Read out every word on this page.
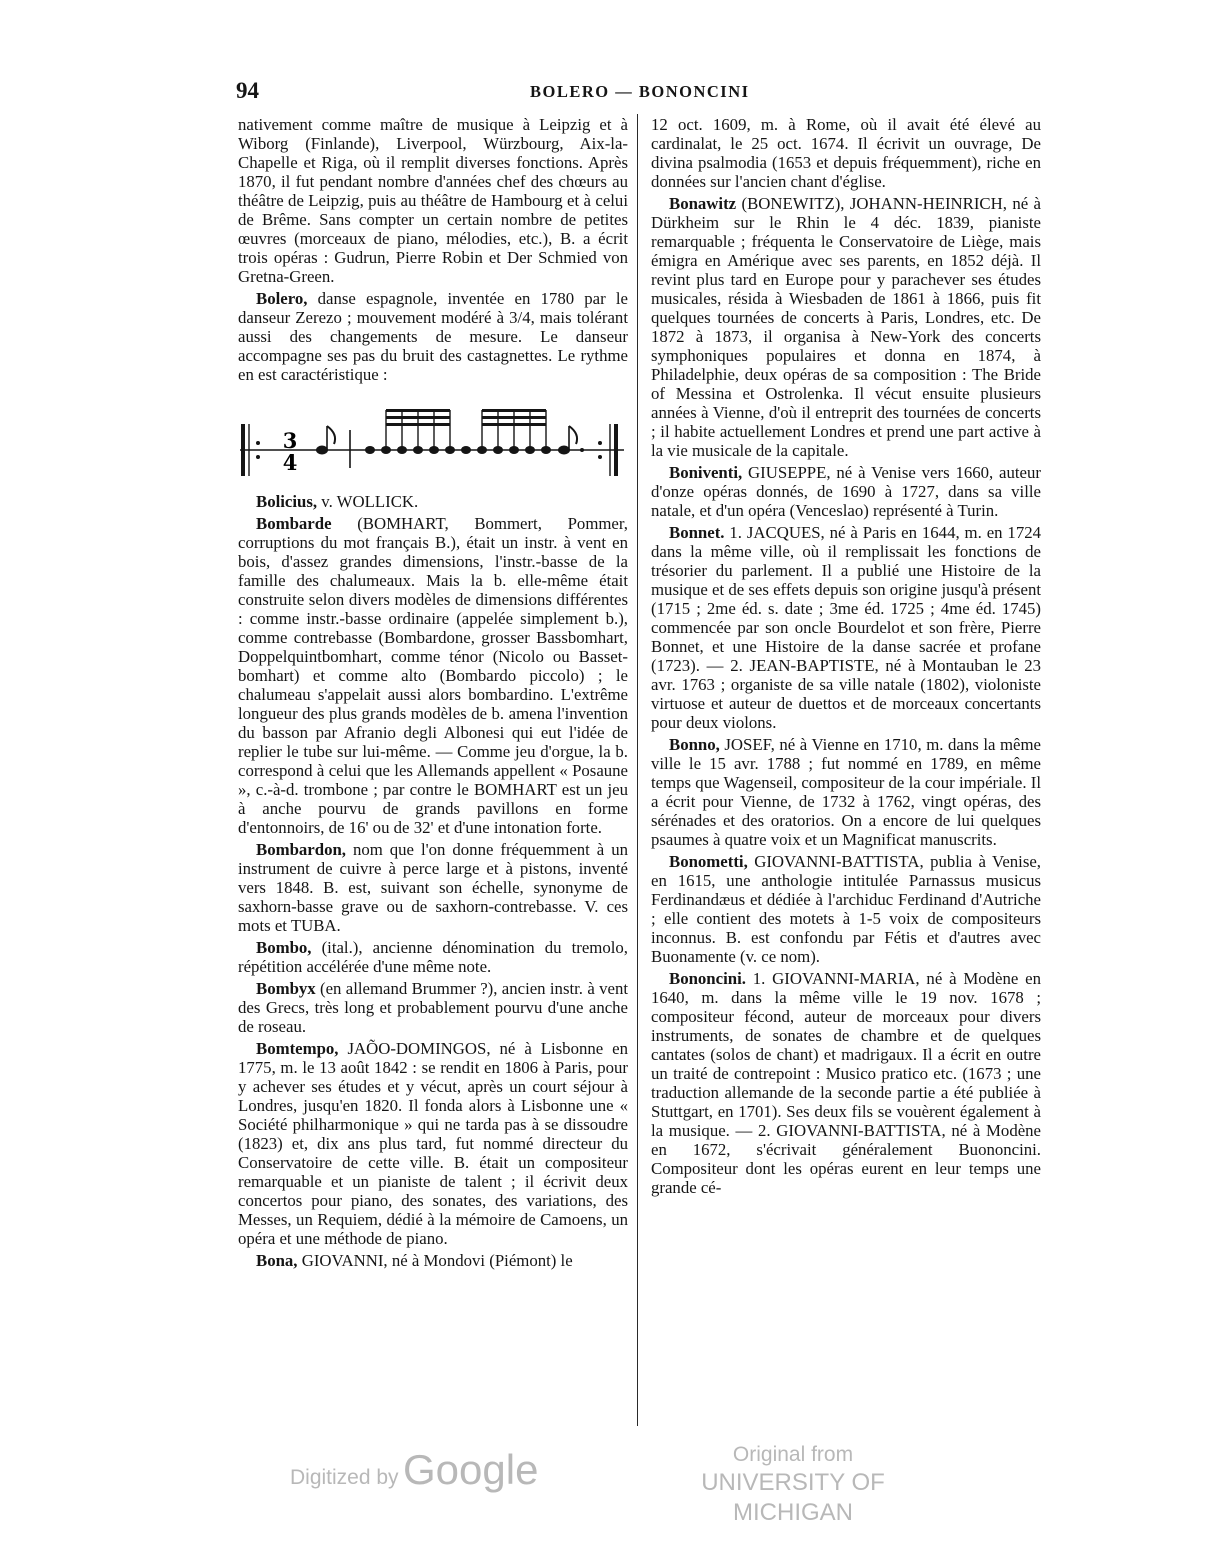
94	BOLERO — BONONCINI

nativement comme maître de musique à Leipzig et à Wiborg (Finlande), Liverpool, Würzbourg, Aix-la-Chapelle et Riga, où il remplit diverses fonctions. Après 1870, il fut pendant nombre d'années chef des chœurs au théâtre de Leipzig, puis au théâtre de Hambourg et à celui de Brême. Sans compter un certain nombre de petites œuvres (morceaux de piano, mélodies, etc.), B. a écrit trois opéras : Gudrun, Pierre Robin et Der Schmied von Gretna-Green.

Bolero, danse espagnole, inventée en 1780 par le danseur Zerezo ; mouvement modéré à 3/4, mais tolérant aussi des changements de mesure. Le danseur accompagne ses pas du bruit des castagnettes. Le rythme en est caractéristique :

3
4

Bolicius, v. WOLLICK.

Bombarde (BOMHART, Bommert, Pommer, corruptions du mot français B.), était un instr. à vent en bois, d'assez grandes dimensions, l'instr.-basse de la famille des chalumeaux. Mais la b. elle-même était construite selon divers modèles de dimensions différentes : comme instr.-basse ordinaire (appelée simplement b.), comme contrebasse (Bombardone, grosser Bassbomhart, Doppelquintbomhart, comme ténor (Nicolo ou Basset-bomhart) et comme alto (Bombardo piccolo) ; le chalumeau s'appelait aussi alors bombardino. L'extrême longueur des plus grands modèles de b. amena l'invention du basson par Afranio degli Albonesi qui eut l'idée de replier le tube sur lui-même. — Comme jeu d'orgue, la b. correspond à celui que les Allemands appellent « Posaune », c.-à-d. trombone ; par contre le BOMHART est un jeu à anche pourvu de grands pavillons en forme d'entonnoirs, de 16' ou de 32' et d'une intonation forte.

Bombardon, nom que l'on donne fréquemment à un instrument de cuivre à perce large et à pistons, inventé vers 1848. B. est, suivant son échelle, synonyme de saxhorn-basse grave ou de saxhorn-contrebasse. V. ces mots et TUBA.

Bombo, (ital.), ancienne dénomination du tremolo, répétition accélérée d'une même note.

Bombyx (en allemand Brummer ?), ancien instr. à vent des Grecs, très long et probablement pourvu d'une anche de roseau.

Bomtempo, JAÕO-DOMINGOS, né à Lisbonne en 1775, m. le 13 août 1842 : se rendit en 1806 à Paris, pour y achever ses études et y vécut, après un court séjour à Londres, jusqu'en 1820. Il fonda alors à Lisbonne une « Société philharmonique » qui ne tarda pas à se dissoudre (1823) et, dix ans plus tard, fut nommé directeur du Conservatoire de cette ville. B. était un compositeur remarquable et un pianiste de talent ; il écrivit deux concertos pour piano, des sonates, des variations, des Messes, un Requiem, dédié à la mémoire de Camoens, un opéra et une méthode de piano.

Bona, GIOVANNI, né à Mondovi (Piémont) le

12 oct. 1609, m. à Rome, où il avait été élevé au cardinalat, le 25 oct. 1674. Il écrivit un ouvrage, De divina psalmodia (1653 et depuis fréquemment), riche en données sur l'ancien chant d'église.

Bonawitz (BONEWITZ), JOHANN-HEINRICH, né à Dürkheim sur le Rhin le 4 déc. 1839, pianiste remarquable ; fréquenta le Conservatoire de Liège, mais émigra en Amérique avec ses parents, en 1852 déjà. Il revint plus tard en Europe pour y parachever ses études musicales, résida à Wiesbaden de 1861 à 1866, puis fit quelques tournées de concerts à Paris, Londres, etc. De 1872 à 1873, il organisa à New-York des concerts symphoniques populaires et donna en 1874, à Philadelphie, deux opéras de sa composition : The Bride of Messina et Ostrolenka. Il vécut ensuite plusieurs années à Vienne, d'où il entreprit des tournées de concerts ; il habite actuellement Londres et prend une part active à la vie musicale de la capitale.

Boniventi, GIUSEPPE, né à Venise vers 1660, auteur d'onze opéras donnés, de 1690 à 1727, dans sa ville natale, et d'un opéra (Venceslao) représenté à Turin.

Bonnet. 1. JACQUES, né à Paris en 1644, m. en 1724 dans la même ville, où il remplissait les fonctions de trésorier du parlement. Il a publié une Histoire de la musique et de ses effets depuis son origine jusqu'à présent (1715 ; 2me éd. s. date ; 3me éd. 1725 ; 4me éd. 1745) commencée par son oncle Bourdelot et son frère, Pierre Bonnet, et une Histoire de la danse sacrée et profane (1723). — 2. JEAN-BAPTISTE, né à Montauban le 23 avr. 1763 ; organiste de sa ville natale (1802), violoniste virtuose et auteur de duettos et de morceaux concertants pour deux violons.

Bonno, JOSEF, né à Vienne en 1710, m. dans la même ville le 15 avr. 1788 ; fut nommé en 1789, en même temps que Wagenseil, compositeur de la cour impériale. Il a écrit pour Vienne, de 1732 à 1762, vingt opéras, des sérénades et des oratorios. On a encore de lui quelques psaumes à quatre voix et un Magnificat manuscrits.

Bonometti, GIOVANNI-BATTISTA, publia à Venise, en 1615, une anthologie intitulée Parnassus musicus Ferdinandæus et dédiée à l'archiduc Ferdinand d'Autriche ; elle contient des motets à 1-5 voix de compositeurs inconnus. B. est confondu par Fétis et d'autres avec Buonamente (v. ce nom).

Bononcini. 1. GIOVANNI-MARIA, né à Modène en 1640, m. dans la même ville le 19 nov. 1678 ; compositeur fécond, auteur de morceaux pour divers instruments, de sonates de chambre et de quelques cantates (solos de chant) et madrigaux. Il a écrit en outre un traité de contrepoint : Musico pratico etc. (1673 ; une traduction allemande de la seconde partie a été publiée à Stuttgart, en 1701). Ses deux fils se vouèrent également à la musique. — 2. GIOVANNI-BATTISTA, né à Modène en 1672, s'écrivait généralement Buononcini. Compositeur dont les opéras eurent en leur temps une grande cé-

Digitized by Google	Original from
UNIVERSITY OF MICHIGAN
